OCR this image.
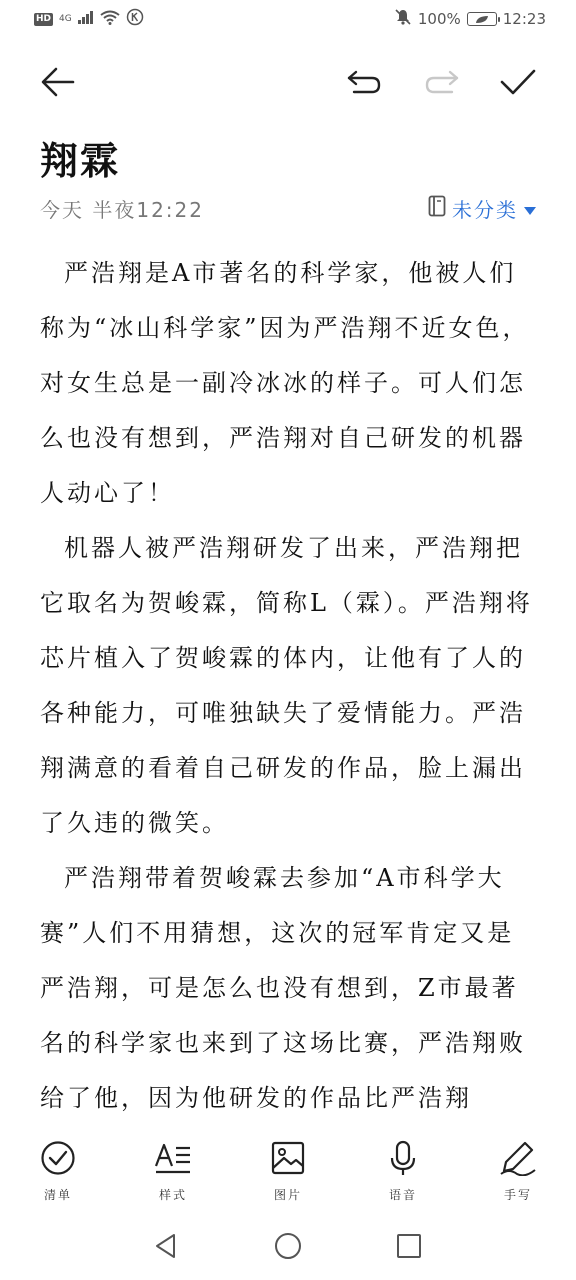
HD 4G	100%	12:23
翔霖
今天 半夜12:22	未分类

严浩翔是A市著名的科学家，他被人们称为“冰山科学家”因为严浩翔不近女色，对女生总是一副冷冰冰的样子。可人们怎么也没有想到，严浩翔对自己研发的机器人动心了！

机器人被严浩翔研发了出来，严浩翔把它取名为贺峻霖，简称L（霖）。严浩翔将芯片植入了贺峻霖的体内，让他有了人的各种能力，可唯独缺失了爱情能力。严浩翔满意的看着自己研发的作品，脸上漏出了久违的微笑。

严浩翔带着贺峻霖去参加“A市科学大赛”人们不用猜想，这次的冠军肯定又是严浩翔，可是怎么也没有想到，Z市最著名的科学家也来到了这场比赛，严浩翔败给了他，因为他研发的作品比严浩翔

清单	样式	图片	语音	手写
